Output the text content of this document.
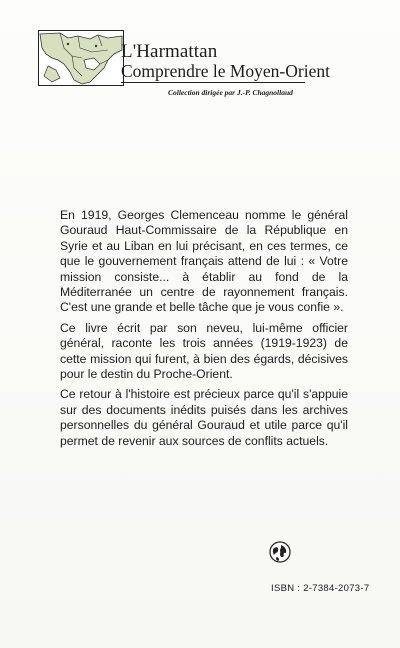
L'Harmattan
Comprendre le Moyen-Orient
Collection dirigée par J.-P. Chagnollaud

En 1919, Georges Clemenceau nomme le général Gouraud Haut-Commissaire de la République en Syrie et au Liban en lui précisant, en ces termes, ce que le gouvernement français attend de lui : « Votre mission consiste... à établir au fond de la Méditerranée un centre de rayonnement français. C'est une grande et belle tâche que je vous confie ».

Ce livre écrit par son neveu, lui-même officier général, raconte les trois années (1919-1923) de cette mission qui furent, à bien des égards, décisives pour le destin du Proche-Orient.

Ce retour à l'histoire est précieux parce qu'il s'appuie sur des documents inédits puisés dans les archives personnelles du général Gouraud et utile parce qu'il permet de revenir aux sources de conflits actuels.

ISBN : 2-7384-2073-7
